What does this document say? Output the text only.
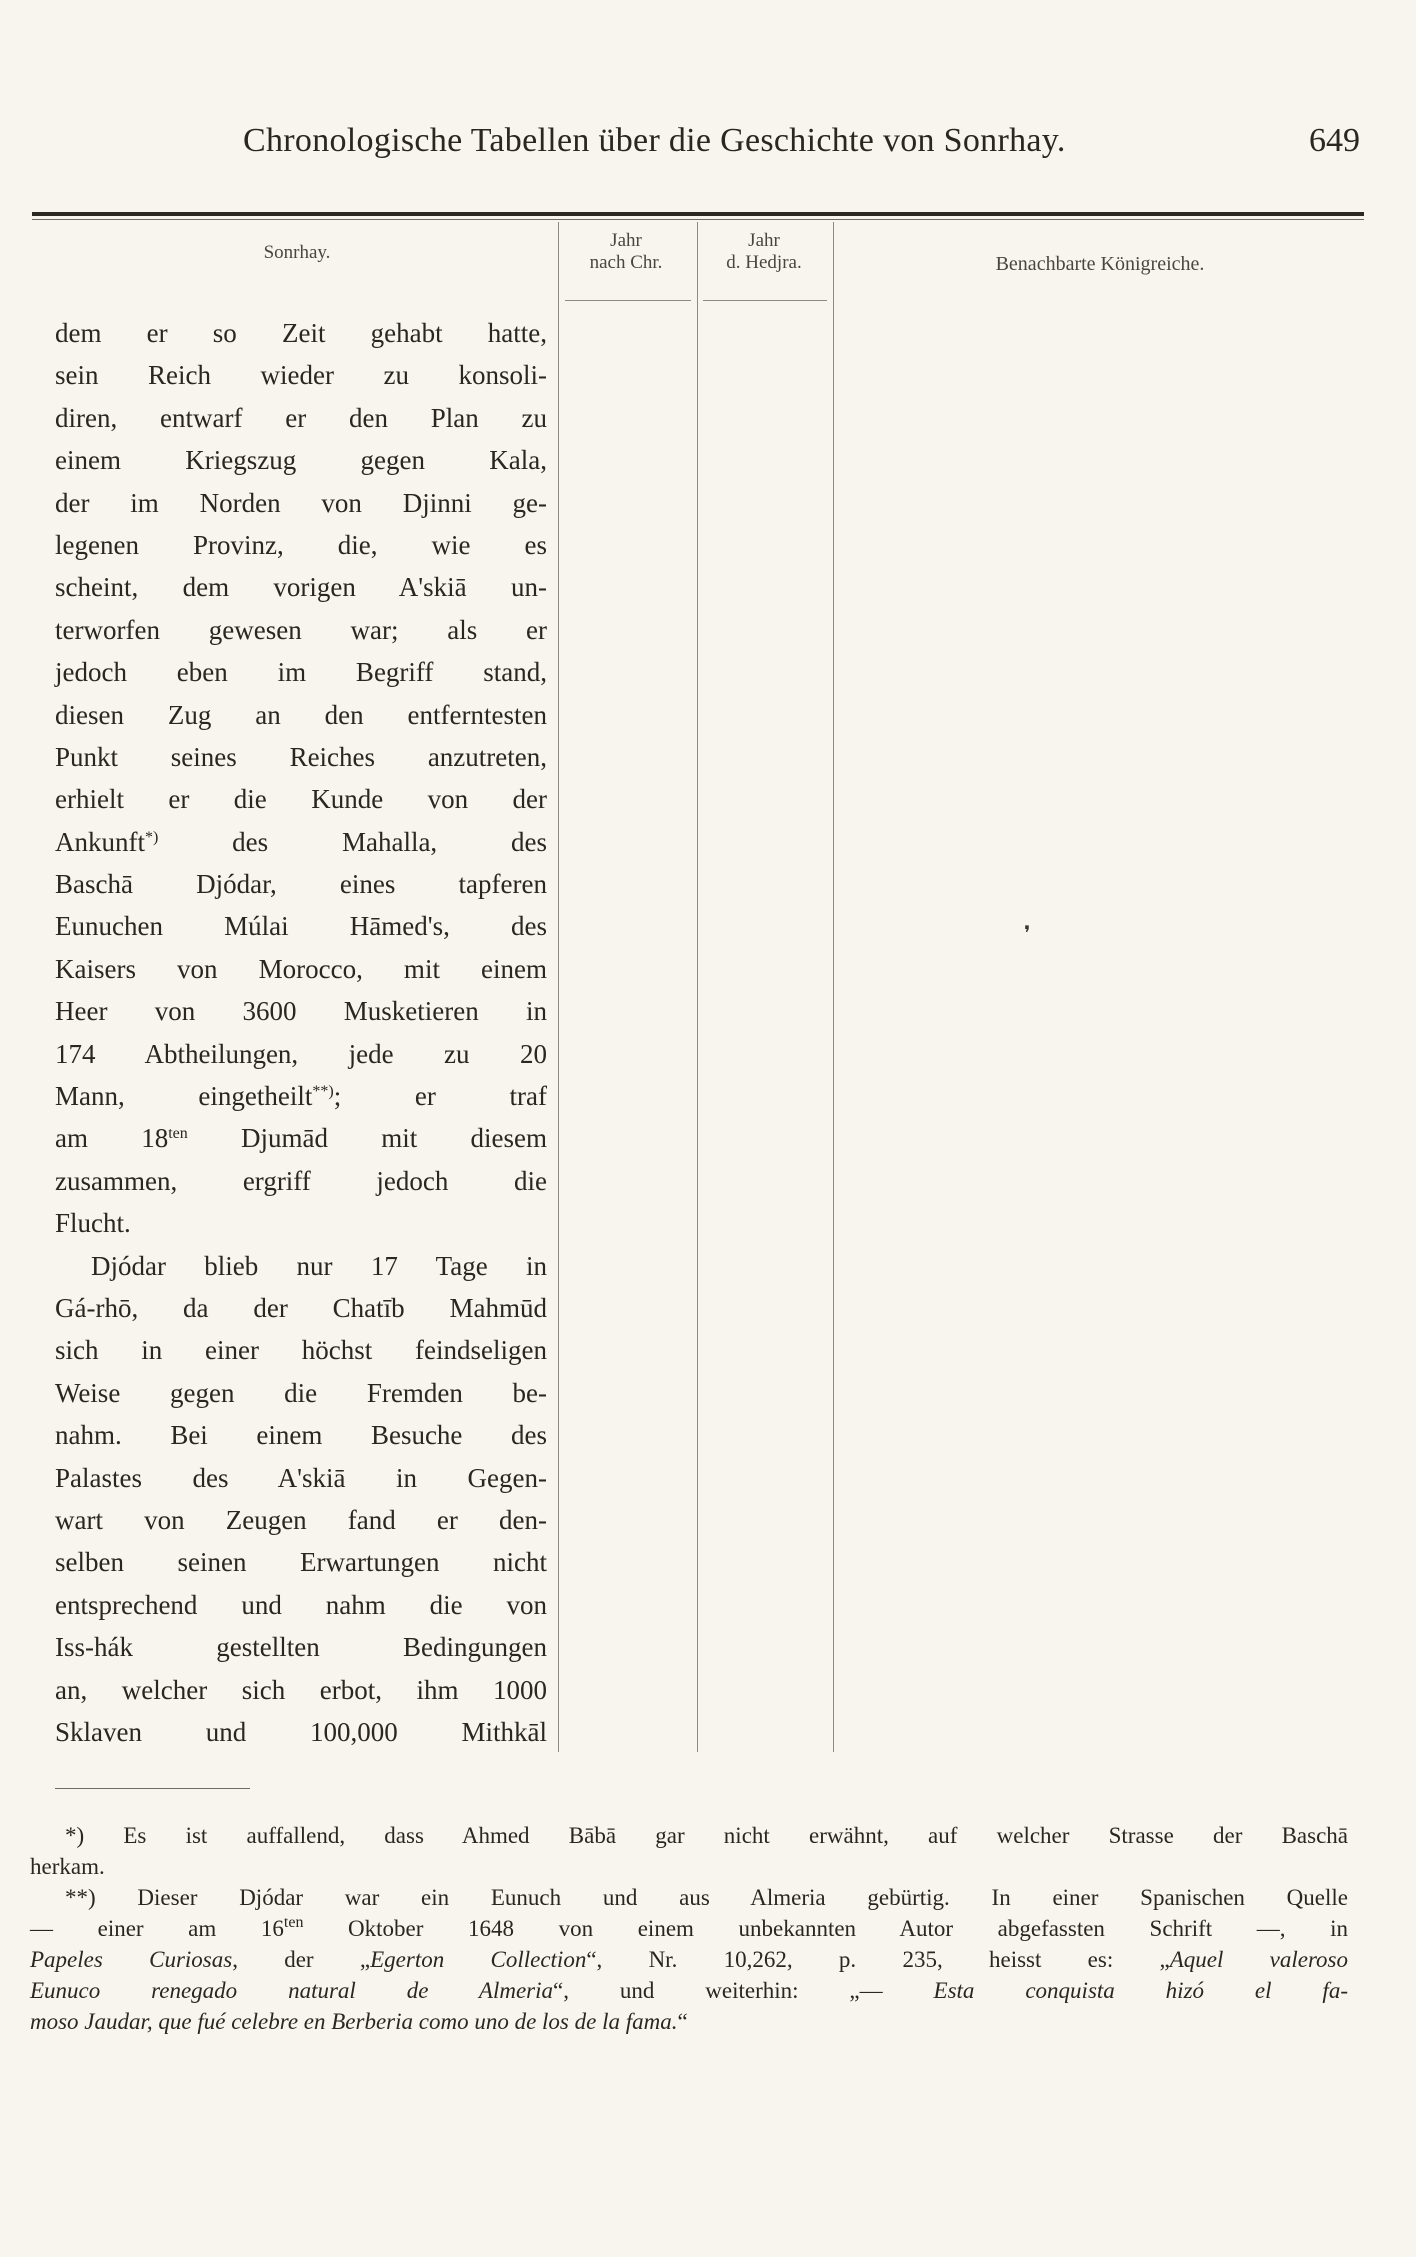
Chronologische Tabellen über die Geschichte von Sonrhay.	649
Sonrhay.
Jahr
nach Chr.
Jahr
d. Hedjra.	Benachbarte Königreiche.
dem er so Zeit gehabt hatte,
sein Reich wieder zu konsoli-
diren, entwarf er den Plan zu
einem Kriegszug gegen Kala,
der im Norden von Djinni ge-
legenen Provinz, die, wie es
scheint, dem vorigen A'skiā un-
terworfen gewesen war; als er
jedoch eben im Begriff stand,
diesen Zug an den entferntesten
Punkt seines Reiches anzutreten,
erhielt er die Kunde von der
Ankunft*) des Mahalla, des
Baschā Djódar, eines tapferen
Eunuchen Múlai Hāmed's, des
Kaisers von Morocco, mit einem
Heer von 3600 Musketieren in
174 Abtheilungen, jede zu 20
Mann, eingetheilt**); er traf
am $18^{ten}$ Djumād mit diesem
zusammen, ergriff jedoch die
Flucht.
Djódar blieb nur 17 Tage in
Gá-rhō, da der Chatīb Mahmūd
sich in einer höchst feindseligen
Weise gegen die Fremden be-
nahm. Bei einem Besuche des
Palastes des A'skiā in Gegen-
wart von Zeugen fand er den-
selben seinen Erwartungen nicht
entsprechend und nahm die von
Iss-hák gestellten Bedingungen
an, welcher sich erbot, ihm 1000
Sklaven und 100,000 Mithkāl
❜
*) Es ist auffallend, dass Ahmed Bābā gar nicht erwähnt, auf welcher Strasse der Baschā
herkam.
**) Dieser Djódar war ein Eunuch und aus Almeria gebürtig. In einer Spanischen Quelle
— einer am $16^{ten}$ Oktober 1648 von einem unbekannten Autor abgefassten Schrift —, in
Papeles Curiosas, der „Egerton Collection“, Nr. 10,262, p. 235, heisst es: „Aquel valeroso
Eunuco renegado natural de Almeria“, und weiterhin: „— Esta conquista hizó el fa-
moso Jaudar, que fué celebre en Berberia como uno de los de la fama.“
